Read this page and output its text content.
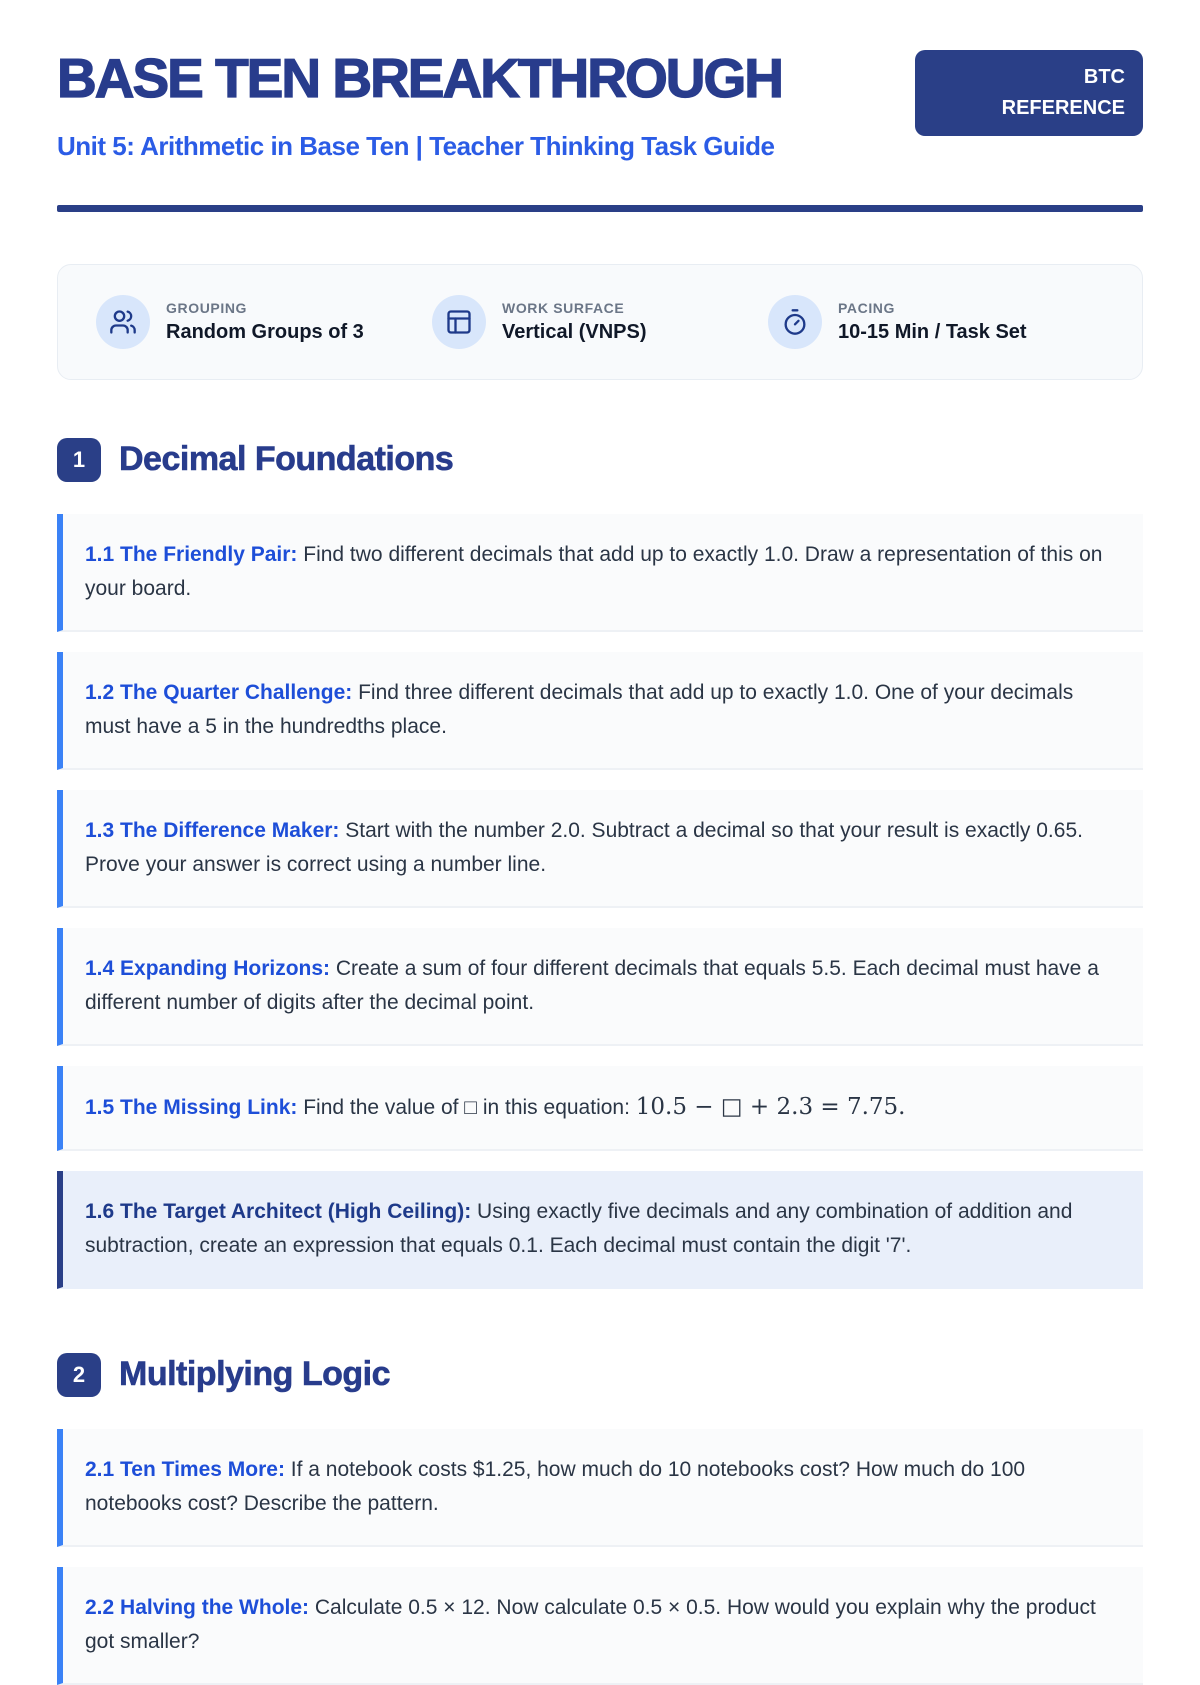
BTC
REFERENCE
BASE TEN BREAKTHROUGH
Unit 5: Arithmetic in Base Ten | Teacher Thinking Task Guide
GROUPING
Random Groups of 3
WORK SURFACE
Vertical (VNPS)
PACING
10-15 Min / Task Set
1 Decimal Foundations
1.1 The Friendly Pair: Find two different decimals that add up to exactly 1.0. Draw a representation of this on your board.
1.2 The Quarter Challenge: Find three different decimals that add up to exactly 1.0. One of your decimals must have a 5 in the hundredths place.
1.3 The Difference Maker: Start with the number 2.0. Subtract a decimal so that your result is exactly 0.65. Prove your answer is correct using a number line.
1.4 Expanding Horizons: Create a sum of four different decimals that equals 5.5. Each decimal must have a different number of digits after the decimal point.
1.5 The Missing Link: Find the value of □ in this equation: 10.5 − □ + 2.3 = 7.75.
1.6 The Target Architect (High Ceiling): Using exactly five decimals and any combination of addition and subtraction, create an expression that equals 0.1. Each decimal must contain the digit '7'.
2 Multiplying Logic
2.1 Ten Times More: If a notebook costs $1.25, how much do 10 notebooks cost? How much do 100 notebooks cost? Describe the pattern.
2.2 Halving the Whole: Calculate 0.5 × 12. Now calculate 0.5 × 0.5. How would you explain why the product got smaller?
